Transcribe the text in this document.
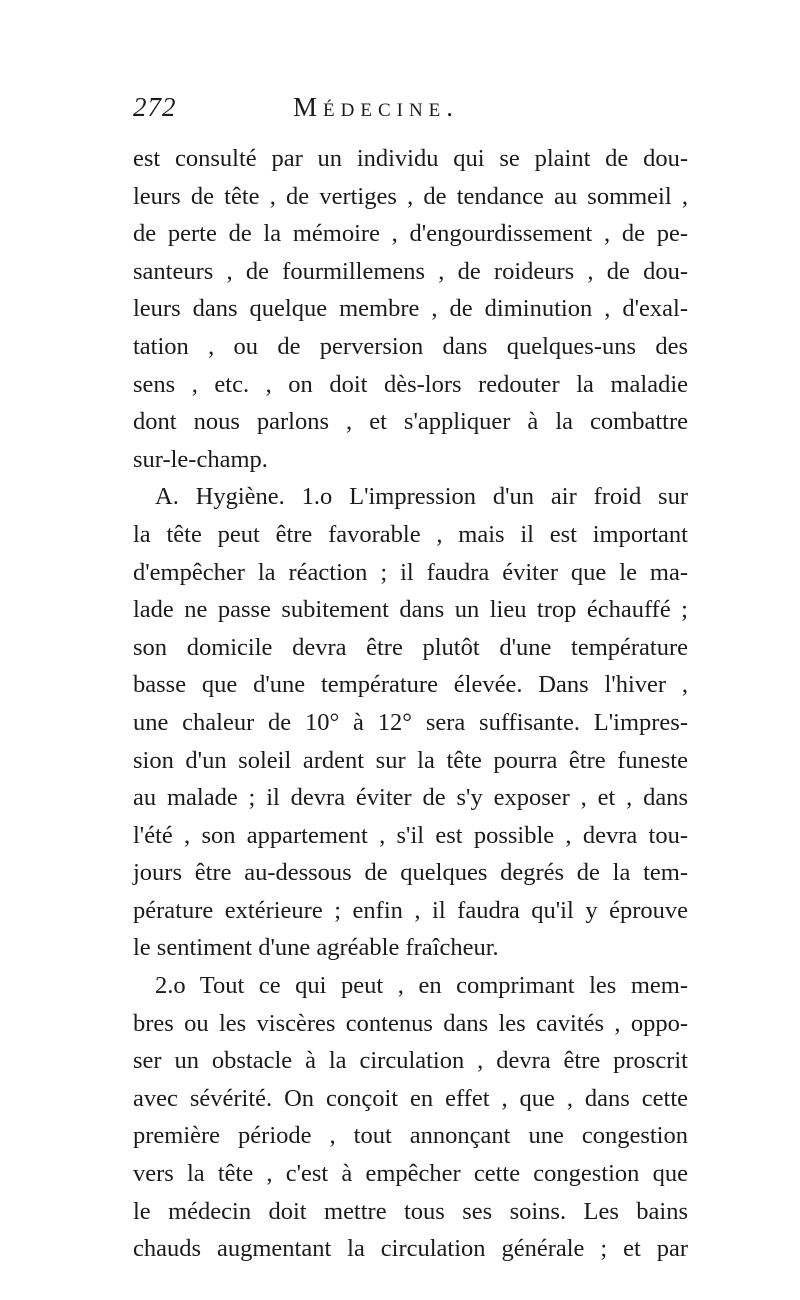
272	Médecine.
est consulté par un individu qui se plaint de dou-
leurs de tête , de vertiges , de tendance au sommeil ,
de perte de la mémoire , d'engourdissement , de pe-
santeurs , de fourmillemens , de roideurs , de dou-
leurs dans quelque membre , de diminution , d'exal-
tation , ou de perversion dans quelques-uns des
sens , etc. , on doit dès-lors redouter la maladie
dont nous parlons , et s'appliquer à la combattre
sur-le-champ.
A. Hygiène. 1.o L'impression d'un air froid sur
la tête peut être favorable , mais il est important
d'empêcher la réaction ; il faudra éviter que le ma-
lade ne passe subitement dans un lieu trop échauffé ;
son domicile devra être plutôt d'une température
basse que d'une température élevée. Dans l'hiver ,
une chaleur de 10° à 12° sera suffisante. L'impres-
sion d'un soleil ardent sur la tête pourra être funeste
au malade ; il devra éviter de s'y exposer , et , dans
l'été , son appartement , s'il est possible , devra tou-
jours être au-dessous de quelques degrés de la tem-
pérature extérieure ; enfin , il faudra qu'il y éprouve
le sentiment d'une agréable fraîcheur.
2.o Tout ce qui peut , en comprimant les mem-
bres ou les viscères contenus dans les cavités , oppo-
ser un obstacle à la circulation , devra être proscrit
avec sévérité. On conçoit en effet , que , dans cette
première période , tout annonçant une congestion
vers la tête , c'est à empêcher cette congestion que
le médecin doit mettre tous ses soins. Les bains
chauds augmentant la circulation générale ; et par
